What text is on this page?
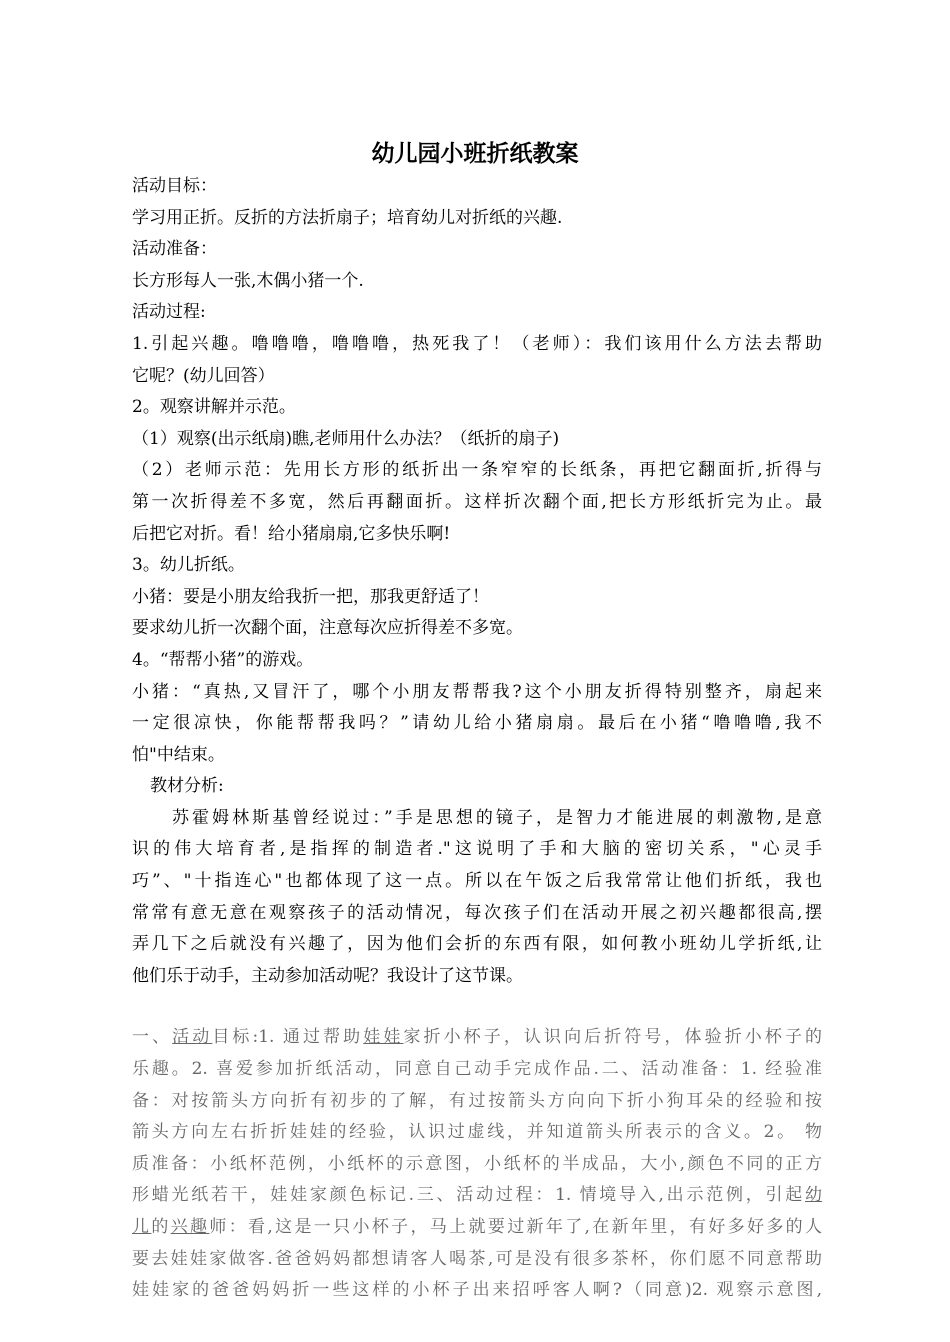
幼儿园小班折纸教案
活动目标：
学习用正折。反折的方法折扇子；培育幼儿对折纸的兴趣.
活动准备：
长方形每人一张,木偶小猪一个.
活动过程:
1.引起兴趣。噜噜噜，噜噜噜，热死我了！（老师）：我们该用什么方法去帮助
它呢？(幼儿回答）
2。观察讲解并示范。
（1）观察(出示纸扇)瞧,老师用什么办法？（纸折的扇子)
（2）老师示范：先用长方形的纸折出一条窄窄的长纸条，再把它翻面折,折得与
第一次折得差不多宽，然后再翻面折。这样折次翻个面,把长方形纸折完为止。最
后把它对折。看！给小猪扇扇,它多快乐啊!
3。幼儿折纸。
小猪：要是小朋友给我折一把，那我更舒适了！
要求幼儿折一次翻个面，注意每次应折得差不多宽。
4。“帮帮小猪”的游戏。
小猪：“真热,又冒汗了，哪个小朋友帮帮我?这个小朋友折得特别整齐，扇起来
一定很凉快，你能帮帮我吗？”请幼儿给小猪扇扇。最后在小猪“噜噜噜,我不
怕"中结束。
教材分析:
苏霍姆林斯基曾经说过：”手是思想的镜子，是智力才能进展的刺激物,是意
识的伟大培育者,是指挥的制造者."这说明了手和大脑的密切关系，"心灵手
巧”、"十指连心"也都体现了这一点。所以在午饭之后我常常让他们折纸，我也
常常有意无意在观察孩子的活动情况，每次孩子们在活动开展之初兴趣都很高,摆
弄几下之后就没有兴趣了，因为他们会折的东西有限，如何教小班幼儿学折纸,让
他们乐于动手，主动参加活动呢？我设计了这节课。
一、活动目标:1. 通过帮助娃娃家折小杯子，认识向后折符号，体验折小杯子的
乐趣。2. 喜爱参加折纸活动，同意自己动手完成作品.二、活动准备：1. 经验准
备：对按箭头方向折有初步的了解，有过按箭头方向向下折小狗耳朵的经验和按
箭头方向左右折折娃娃的经验，认识过虚线，并知道箭头所表示的含义。2。 物
质准备：小纸杯范例，小纸杯的示意图，小纸杯的半成品，大小,颜色不同的正方
形蜡光纸若干，娃娃家颜色标记.三、活动过程：1. 情境导入,出示范例，引起幼
儿的兴趣师：看,这是一只小杯子，马上就要过新年了,在新年里，有好多好多的人
要去娃娃家做客.爸爸妈妈都想请客人喝茶,可是没有很多茶杯，你们愿不同意帮助
娃娃家的爸爸妈妈折一些这样的小杯子出来招呼客人啊?（同意)2. 观察示意图,
